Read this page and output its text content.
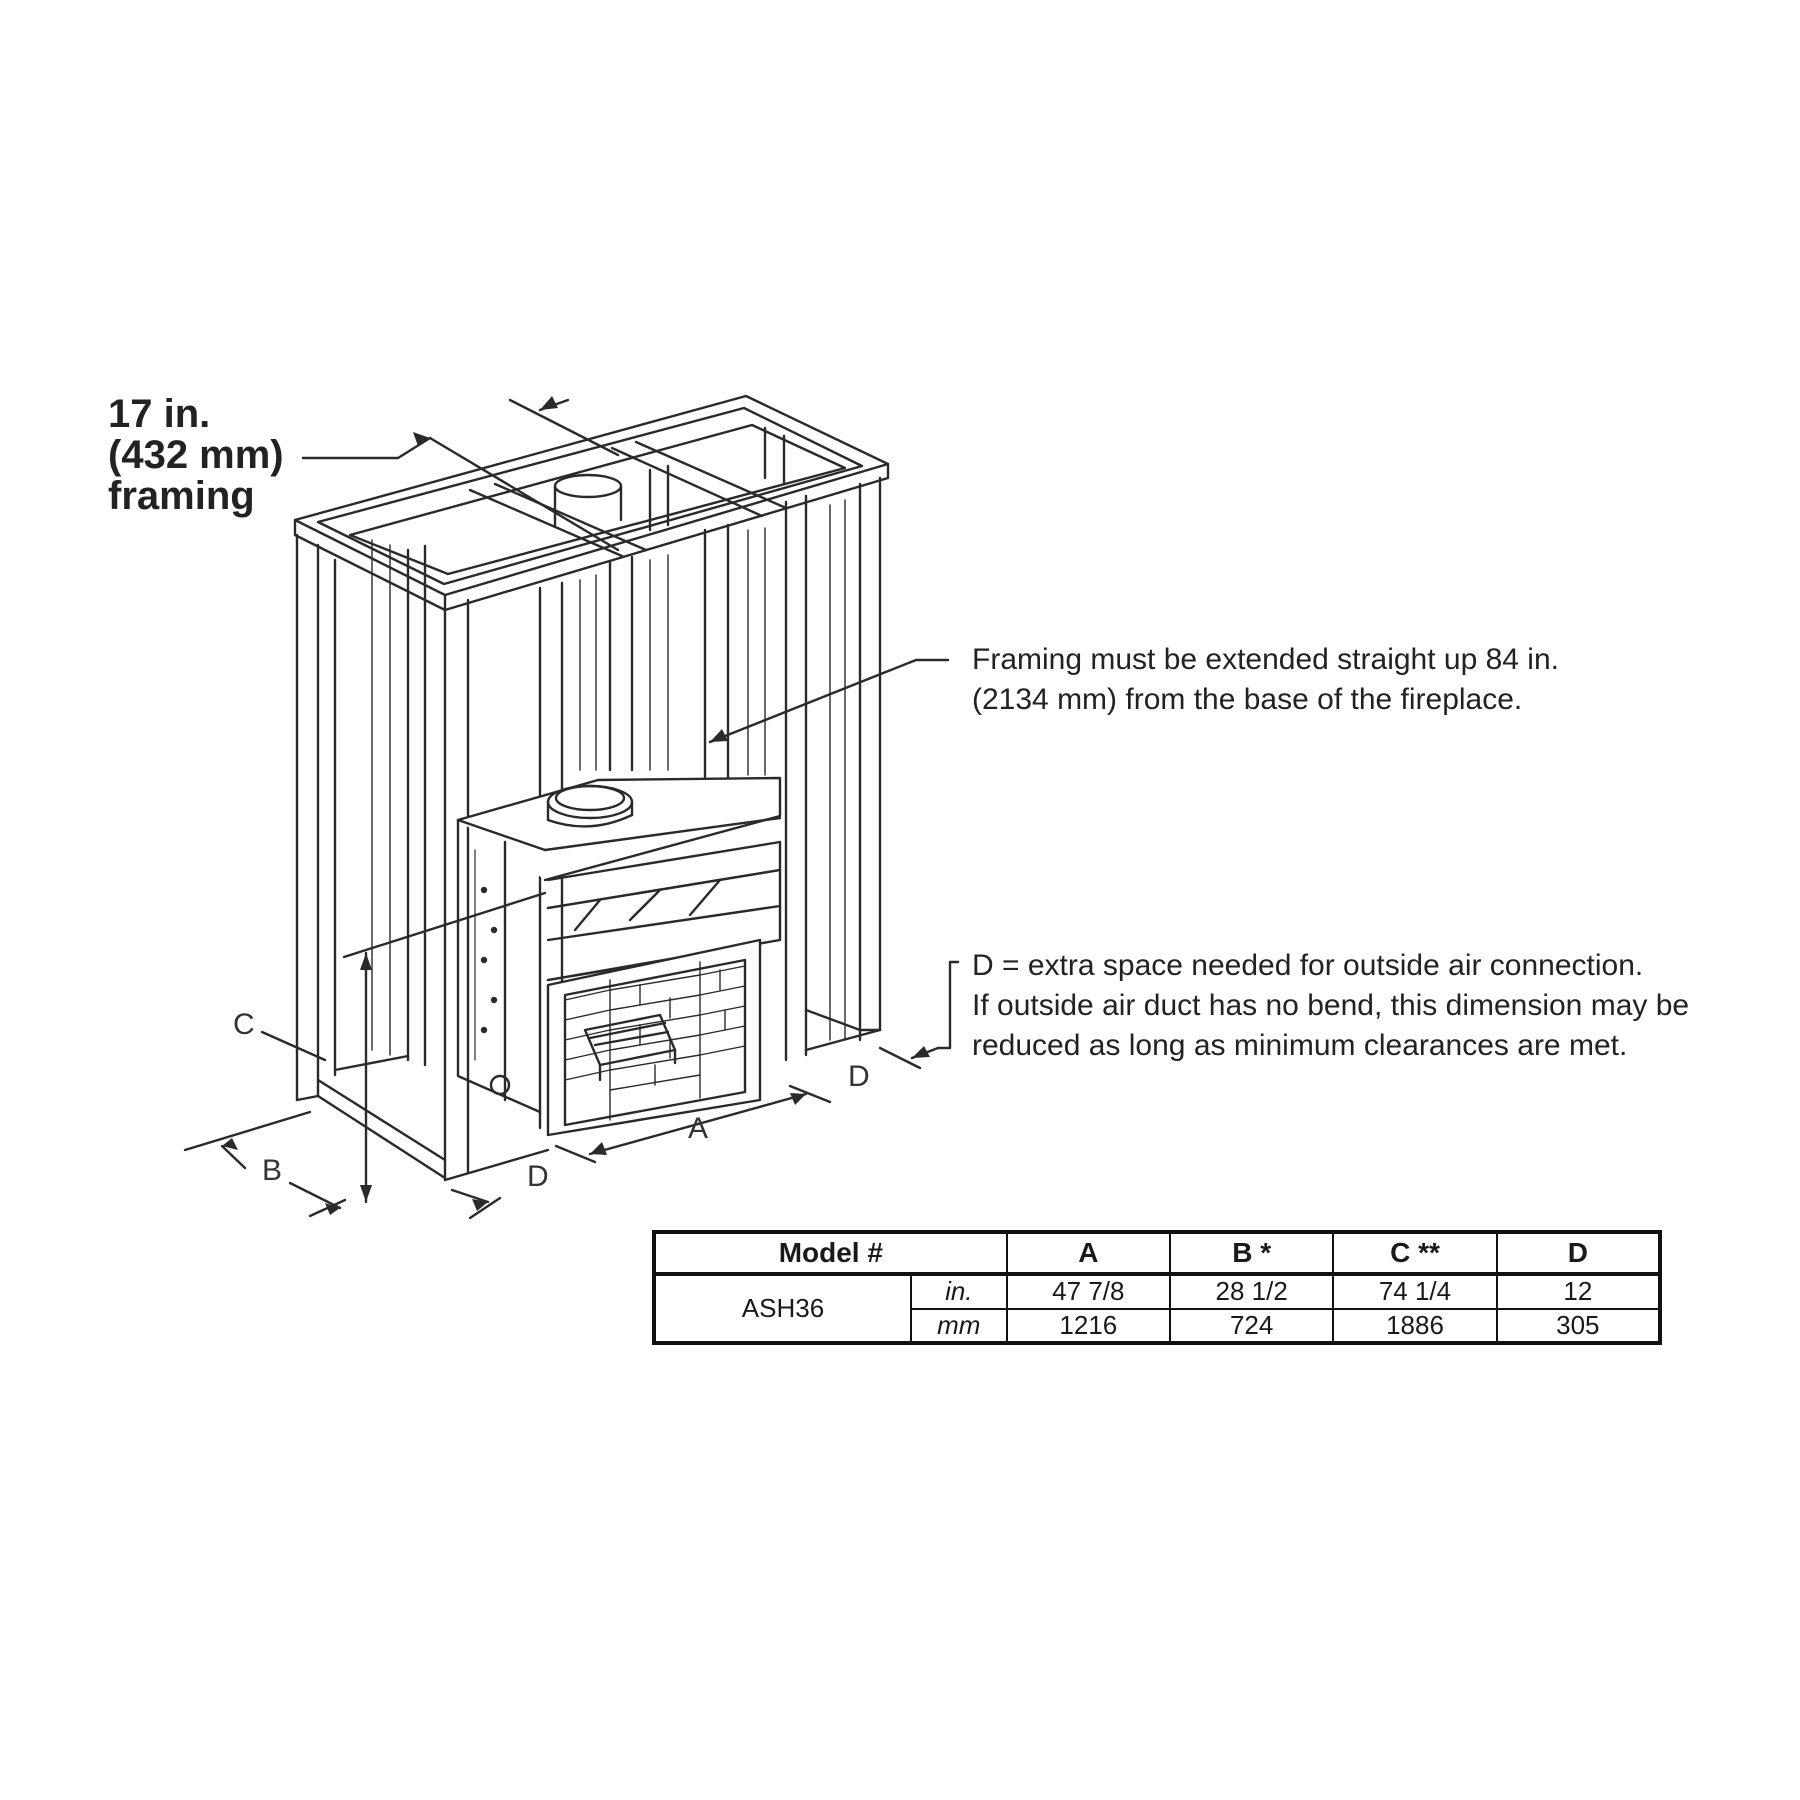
A
B
C
D
D
17 in.
(432 mm)
framing
Framing must be extended straight up 84 in.
(2134 mm) from the base of the fireplace.
D = extra space needed for outside air connection.
If outside air duct has no bend, this dimension may be
reduced as long as minimum clearances are met.
Model #		A	B *	C **	D
ASH36	in.	47 7/8	28 1/2	74 1/4	12
	mm	1216	724	1886	305
